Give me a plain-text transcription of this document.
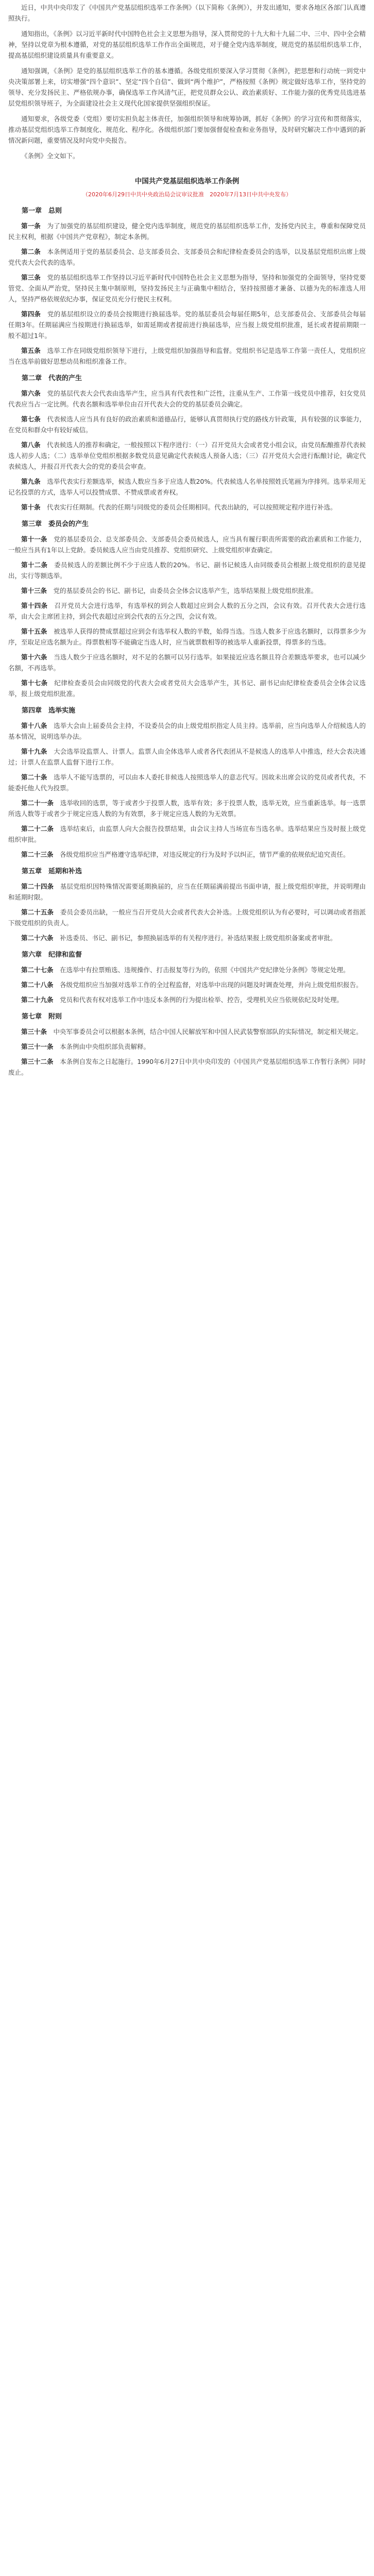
近日，中共中央印发了《中国共产党基层组织选举工作条例》（以下简称《条例》），并发出通知，要求各地区各部门认真遵照执行。

通知指出，《条例》以习近平新时代中国特色社会主义思想为指导，深入贯彻党的十九大和十九届二中、三中、四中全会精神，坚持以党章为根本遵循，对党的基层组织选举工作作出全面规范，对于健全党内选举制度，规范党的基层组织选举工作，提高基层组织建设质量具有重要意义。

通知强调，《条例》是党的基层组织选举工作的基本遵循。各级党组织要深入学习贯彻《条例》，把思想和行动统一到党中央决策部署上来，切实增强“四个意识”、坚定“四个自信”、做到“两个维护”，严格按照《条例》规定做好选举工作，坚持党的领导、充分发扬民主、严格依规办事，确保选举工作风清气正，把党员群众公认、政治素质好、工作能力强的优秀党员选进基层党组织领导班子，为全面建设社会主义现代化国家提供坚强组织保证。

通知要求，各级党委（党组）要切实担负起主体责任，加强组织领导和统筹协调，抓好《条例》的学习宣传和贯彻落实，推动基层党组织选举工作制度化、规范化、程序化。各级组织部门要加强督促检查和业务指导，及时研究解决工作中遇到的新情况新问题，重要情况及时向党中央报告。

《条例》全文如下。

中国共产党基层组织选举工作条例
（2020年6月29日中共中央政治局会议审议批准　2020年7月13日中共中央发布）
第一章　总则

第一条　 为了加强党的基层组织建设，健全党内选举制度，规范党的基层组织选举工作，发扬党内民主，尊重和保障党员民主权利，根据《中国共产党章程》，制定本条例。

第二条　 本条例适用于党的基层委员会、总支部委员会、支部委员会和纪律检查委员会的选举，以及基层党组织出席上级党代表大会代表的选举。

第三条　 党的基层组织选举工作坚持以习近平新时代中国特色社会主义思想为指导，坚持和加强党的全面领导，坚持党要管党、全面从严治党，坚持民主集中制原则，坚持发扬民主与正确集中相结合，坚持按照德才兼备、以德为先的标准选人用人，坚持严格依规依纪办事，保证党员充分行使民主权利。

第四条　 党的基层组织设立的委员会按期进行换届选举。党的基层委员会每届任期5年，总支部委员会、支部委员会每届任期3年。任期届满应当按期进行换届选举，如需延期或者提前进行换届选举，应当报上级党组织批准，延长或者提前期限一般不超过1年。

第五条　 选举工作在同级党组织领导下进行，上级党组织加强指导和监督。党组织书记是选举工作第一责任人，党组织应当在选举前做好思想动员和组织准备工作。

第二章　代表的产生

第六条　 党的基层代表大会代表由选举产生，应当具有代表性和广泛性，注重从生产、工作第一线党员中推荐，妇女党员代表应当占一定比例。代表名额和选举单位由召开代表大会的党的基层委员会确定。

第七条　 代表候选人应当具有良好的政治素质和道德品行，能够认真贯彻执行党的路线方针政策，具有较强的议事能力，在党员和群众中有较好威信。

第八条　 代表候选人的推荐和确定，一般按照以下程序进行：（一）召开党员大会或者党小组会议，由党员酝酿推荐代表候选人初步人选；（二）选举单位党组织根据多数党员意见确定代表候选人预备人选；（三）召开党员大会进行酝酿讨论，确定代表候选人，并报召开代表大会的党的委员会审查。

第九条　 选举代表实行差额选举，候选人数应当多于应选人数20%。代表候选人名单按照姓氏笔画为序排列。选举采用无记名投票的方式，选举人可以投赞成票、不赞成票或者弃权。

第十条　 代表实行任期制。代表的任期与同级党的委员会任期相同。代表出缺的，可以按照规定程序进行补选。

第三章　委员会的产生

第十一条　 党的基层委员会、总支部委员会、支部委员会委员候选人，应当具有履行职责所需要的政治素质和工作能力，一般应当具有1年以上党龄。委员候选人应当由党员推荐、党组织研究、上级党组织审查确定。

第十二条　 委员候选人的差额比例不少于应选人数的20%。书记、副书记候选人由同级委员会根据上级党组织的意见提出，实行等额选举。

第十三条　 党的基层委员会的书记、副书记，由委员会全体会议选举产生，选举结果报上级党组织批准。

第十四条　 召开党员大会进行选举，有选举权的到会人数超过应到会人数的五分之四，会议有效。召开代表大会进行选举，由大会主席团主持，到会代表超过应到会代表的五分之四，会议有效。

第十五条　 被选举人获得的赞成票超过应到会有选举权人数的半数，始得当选。当选人数多于应选名额时，以得票多少为序，至取足应选名额为止。得票数相等不能确定当选人时，应当就票数相等的被选举人重新投票，得票多的当选。

第十六条　 当选人数少于应选名额时，对不足的名额可以另行选举。如果接近应选名额且符合差额选举要求，也可以减少名额，不再选举。

第十七条　 纪律检查委员会由同级党的代表大会或者党员大会选举产生，其书记、副书记由纪律检查委员会全体会议选举，报上级党组织批准。

第四章　选举实施

第十八条　 选举大会由上届委员会主持，不设委员会的由上级党组织指定人员主持。选举前，应当向选举人介绍候选人的基本情况，说明选举办法。

第十九条　 大会选举设监票人、计票人。监票人由全体选举人或者各代表团从不是候选人的选举人中推选，经大会表决通过；计票人在监票人监督下进行工作。

第二十条　 选举人不能写选票的，可以由本人委托非候选人按照选举人的意志代写。因故未出席会议的党员或者代表，不能委托他人代为投票。

第二十一条　 选举收回的选票，等于或者少于投票人数，选举有效；多于投票人数，选举无效，应当重新选举。每一选票所选人数等于或者少于规定应选人数的为有效票，多于规定应选人数的为无效票。

第二十二条　 选举结束后，由监票人向大会报告投票结果，由会议主持人当场宣布当选名单。选举结果应当及时报上级党组织审批。

第二十三条　 各级党组织应当严格遵守选举纪律，对违反规定的行为及时予以纠正，情节严重的依规依纪追究责任。

第五章　延期和补选

第二十四条　 基层党组织因特殊情况需要延期换届的，应当在任期届满前提出书面申请，报上级党组织审批，并说明理由和延期时限。

第二十五条　 委员会委员出缺，一般应当召开党员大会或者代表大会补选。上级党组织认为有必要时，可以调动或者指派下级党组织的负责人。

第二十六条　 补选委员、书记、副书记，参照换届选举的有关程序进行。补选结果报上级党组织备案或者审批。

第六章　纪律和监督

第二十七条　 在选举中有拉票贿选、违规操作、打击报复等行为的，依照《中国共产党纪律处分条例》等规定处理。

第二十八条　 各级党组织应当加强对选举工作的全过程监督，对选举中出现的问题及时调查处理，并向上级党组织报告。

第二十九条　 党员和代表有权对选举工作中违反本条例的行为提出检举、控告，受理机关应当依规依纪及时处理。

第七章　附则

第三十条　 中央军事委员会可以根据本条例，结合中国人民解放军和中国人民武装警察部队的实际情况，制定相关规定。

第三十一条　 本条例由中央组织部负责解释。

第三十二条　 本条例自发布之日起施行。1990年6月27日中共中央印发的《中国共产党基层组织选举工作暂行条例》同时废止。
